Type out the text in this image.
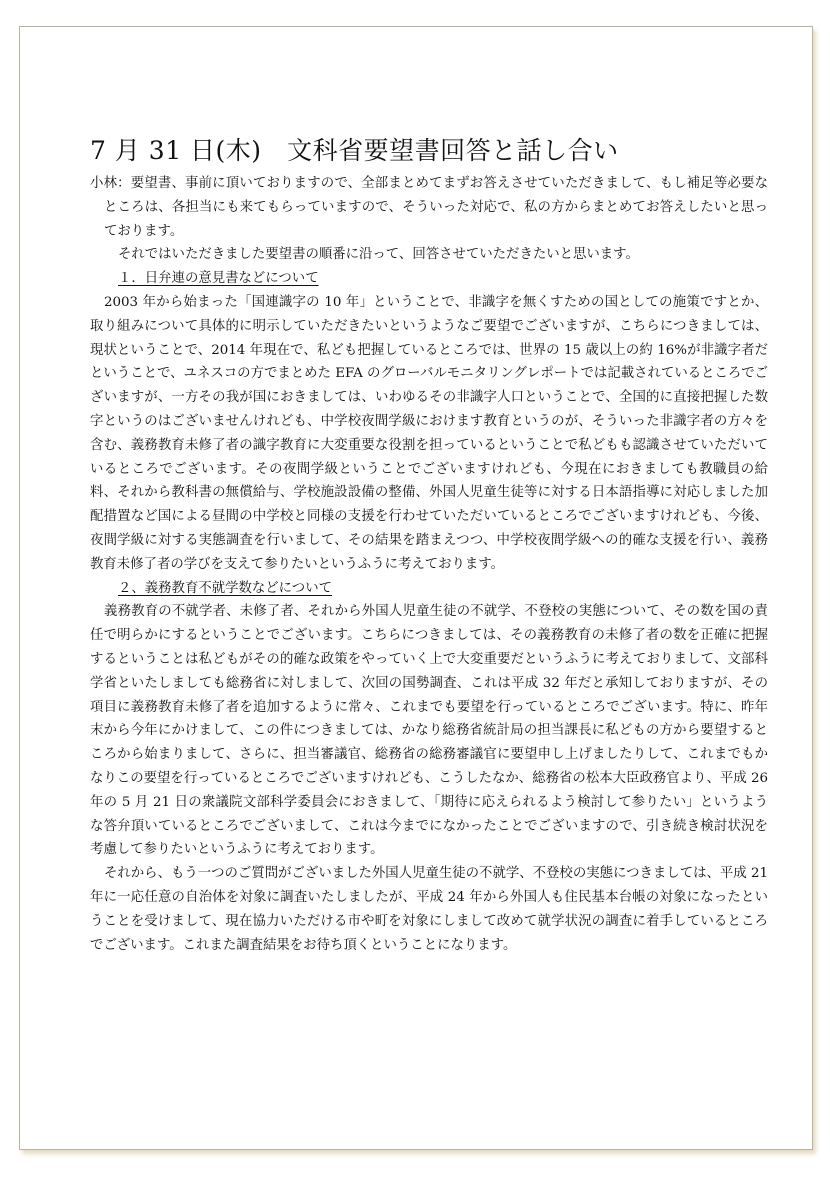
7 月 31 日(木)　文科省要望書回答と話し合い

小林：要望書、事前に頂いておりますので、全部まとめてまずお答えさせていただきまして、もし補足等必要なところは、各担当にも来てもらっていますので、そういった対応で、私の方からまとめてお答えしたいと思っております。

それではいただきました要望書の順番に沿って、回答させていただきたいと思います。

１．日弁連の意見書などについて

2003 年から始まった「国連識字の 10 年」ということで、非識字を無くすための国としての施策ですとか、取り組みについて具体的に明示していただきたいというようなご要望でございますが、こちらにつきましては、現状ということで、2014 年現在で、私ども把握しているところでは、世界の 15 歳以上の約 16%が非識字者だということで、ユネスコの方でまとめた EFA のグローバルモニタリングレポートでは記載されているところでございますが、一方その我が国におきましては、いわゆるその非識字人口ということで、全国的に直接把握した数字というのはございませんけれども、中学校夜間学級におけます教育というのが、そういった非識字者の方々を含む、義務教育未修了者の識字教育に大変重要な役割を担っているということで私どもも認識させていただいているところでございます。その夜間学級ということでございますけれども、今現在におきましても教職員の給料、それから教科書の無償給与、学校施設設備の整備、外国人児童生徒等に対する日本語指導に対応しました加配措置など国による昼間の中学校と同様の支援を行わせていただいているところでございますけれども、今後、夜間学級に対する実態調査を行いまして、その結果を踏まえつつ、中学校夜間学級への的確な支援を行い、義務教育未修了者の学びを支えて参りたいというふうに考えております。

２、義務教育不就学数などについて

義務教育の不就学者、未修了者、それから外国人児童生徒の不就学、不登校の実態について、その数を国の責任で明らかにするということでございます。こちらにつきましては、その義務教育の未修了者の数を正確に把握するということは私どもがその的確な政策をやっていく上で大変重要だというふうに考えておりまして、文部科学省といたしましても総務省に対しまして、次回の国勢調査、これは平成 32 年だと承知しておりますが、その項目に義務教育未修了者を追加するように常々、これまでも要望を行っているところでございます。特に、昨年末から今年にかけまして、この件につきましては、かなり総務省統計局の担当課長に私どもの方から要望するところから始まりまして、さらに、担当審議官、総務省の総務審議官に要望申し上げましたりして、これまでもかなりこの要望を行っているところでございますけれども、こうしたなか、総務省の松本大臣政務官より、平成 26 年の 5 月 21 日の衆議院文部科学委員会におきまして、「期待に応えられるよう検討して参りたい」というような答弁頂いているところでございまして、これは今までになかったことでございますので、引き続き検討状況を考慮して参りたいというふうに考えております。

それから、もう一つのご質問がございました外国人児童生徒の不就学、不登校の実態につきましては、平成 21 年に一応任意の自治体を対象に調査いたしましたが、平成 24 年から外国人も住民基本台帳の対象になったということを受けまして、現在協力いただける市や町を対象にしまして改めて就学状況の調査に着手しているところでございます。これまた調査結果をお待ち頂くということになります。
